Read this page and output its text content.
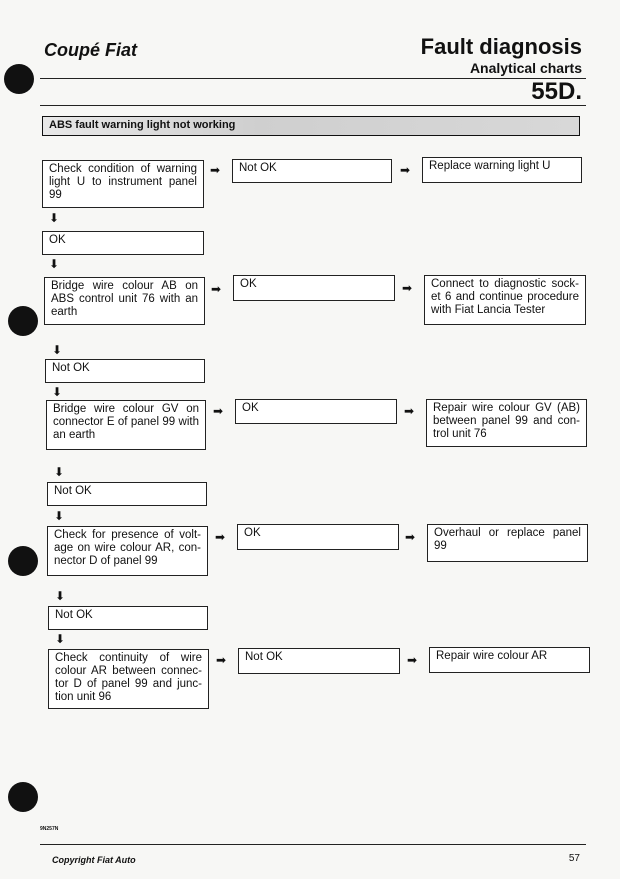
Coupé Fiat	Fault diagnosis
Analytical charts
55D.
ABS fault warning light not working
Check condition of warning light U to instrument panel 99
➡	Not OK	➡	Replace warning light U
⬇
OK
⬇
Bridge wire colour AB on ABS control unit 76 with an earth
➡	OK	➡	Connect to diagnostic sock-et 6 and continue procedure with Fiat Lancia Tester
⬇
Not OK
⬇
Bridge wire colour GV on connector E of panel 99 with an earth
➡	OK	➡	Repair wire colour GV (AB) between panel 99 and con-trol unit 76
⬇
Not OK
⬇
Check for presence of volt-age on wire colour AR, con-nector D of panel 99
➡	OK	➡	Overhaul or replace panel 99
⬇
Not OK
⬇
Check continuity of wire colour AR between connec-tor D of panel 99 and junc-tion unit 96
➡	Not OK	➡	Repair wire colour AR
9N257N
Copyright Fiat Auto	57
